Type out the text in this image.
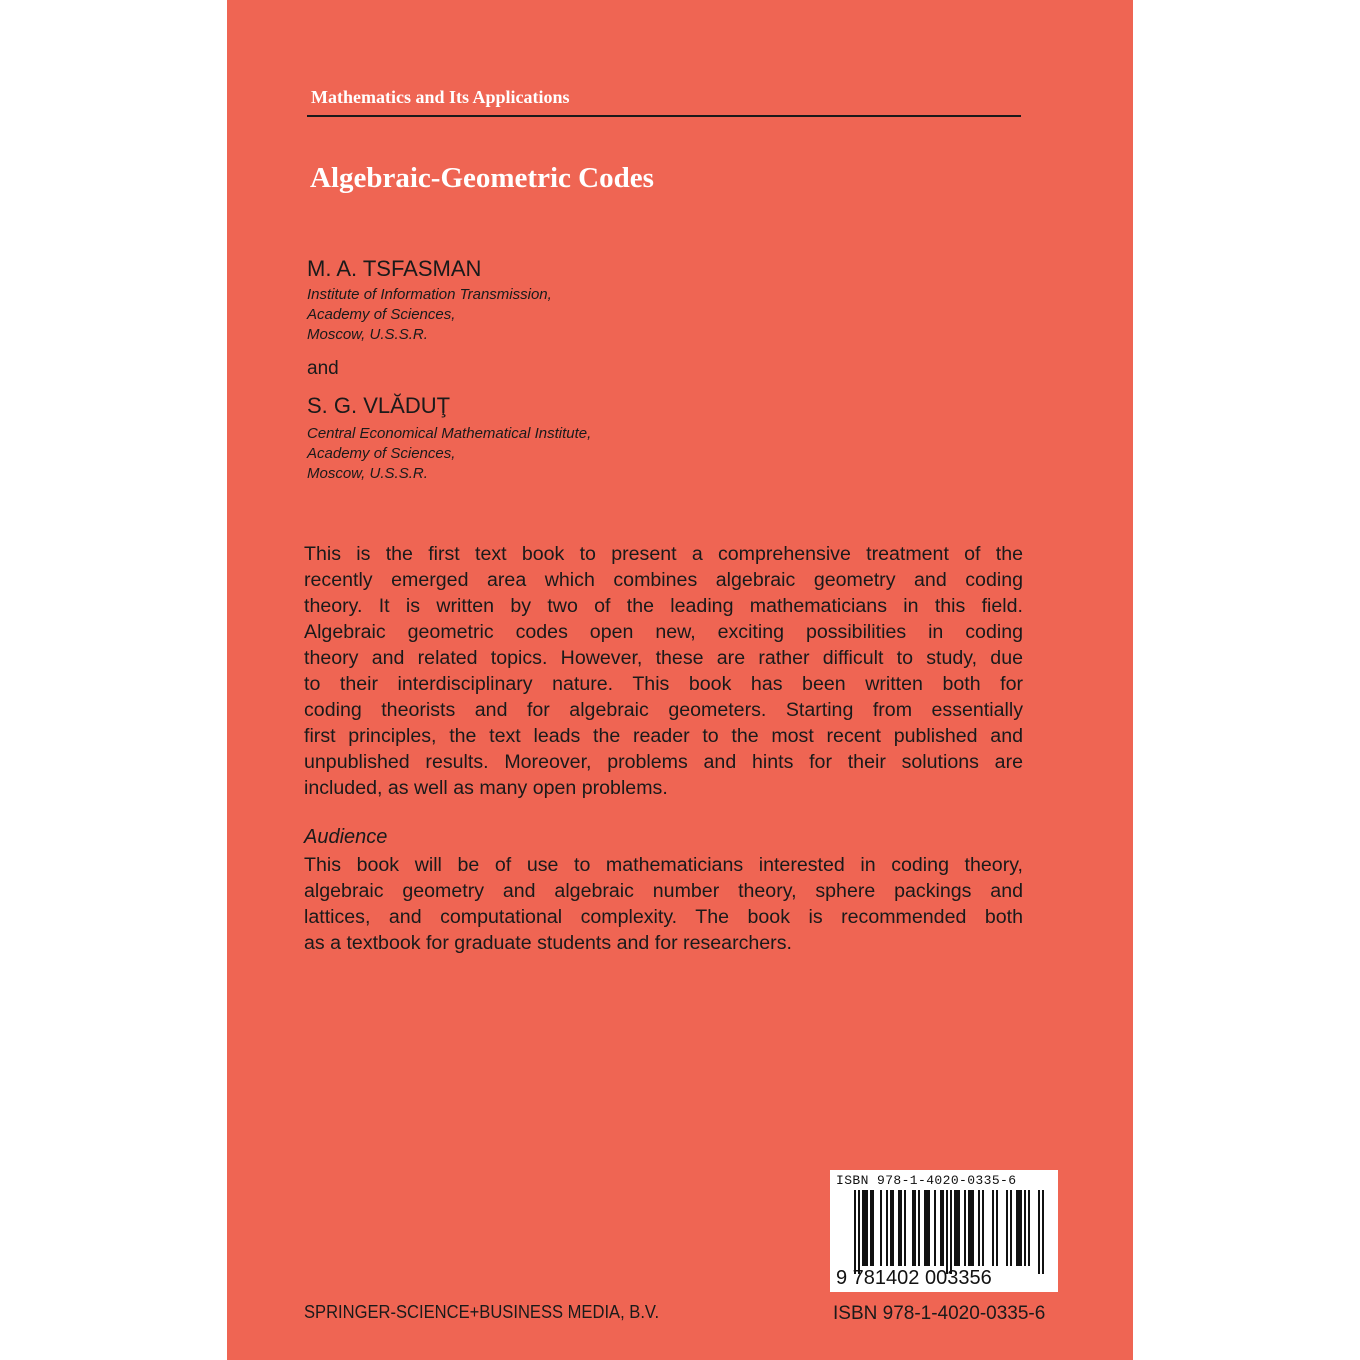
Mathematics and Its Applications
Algebraic-Geometric Codes
M. A. TSFASMAN
Institute of Information Transmission,
Academy of Sciences,
Moscow, U.S.S.R.
and
S. G. VLĂDUŢ
Central Economical Mathematical Institute,
Academy of Sciences,
Moscow, U.S.S.R.
This is the first text book to present a comprehensive treatment of the
recently emerged area which combines algebraic geometry and coding
theory. It is written by two of the leading mathematicians in this field.
Algebraic geometric codes open new, exciting possibilities in coding
theory and related topics. However, these are rather difficult to study, due
to their interdisciplinary nature. This book has been written both for
coding theorists and for algebraic geometers. Starting from essentially
first principles, the text leads the reader to the most recent published and
unpublished results. Moreover, problems and hints for their solutions are
included, as well as many open problems.
Audience
This book will be of use to mathematicians interested in coding theory,
algebraic geometry and algebraic number theory, sphere packings and
lattices, and computational complexity. The book is recommended both
as a textbook for graduate students and for researchers.
ISBN 978-1-4020-0335-6
9 781402 003356
SPRINGER-SCIENCE+BUSINESS MEDIA, B.V.	ISBN 978-1-4020-0335-6
